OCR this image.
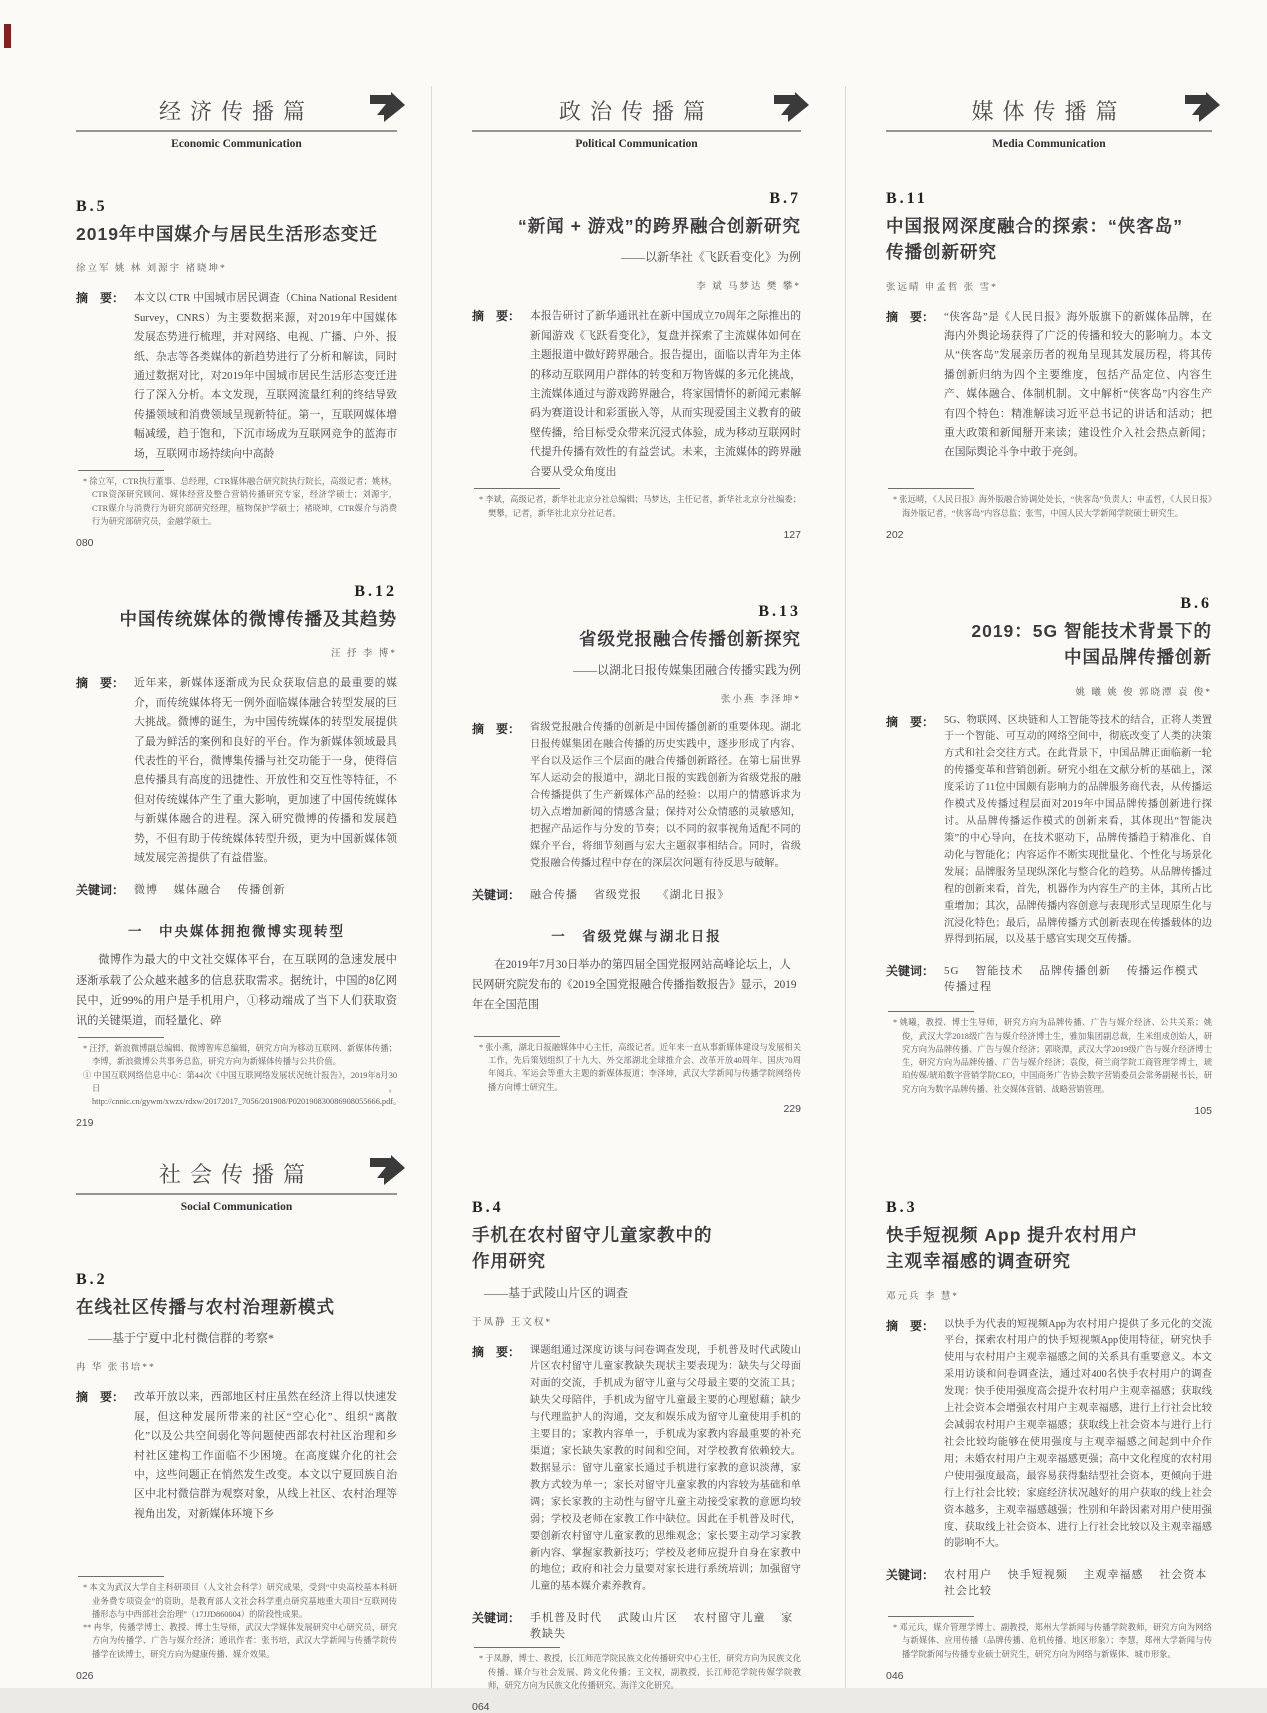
经济传播篇
Economic Communication
B.5
2019年中国媒介与居民生活形态变迁
徐立军 姚 林 刘源宇 褚晓坤*
摘　要： 本文以 CTR 中国城市居民调查（China National Resident Survey，CNRS）为主要数据来源，对2019年中国媒体发展态势进行梳理，并对网络、电视、广播、户外、报纸、杂志等各类媒体的新趋势进行了分析和解读，同时通过数据对比，对2019年中国城市居民生活形态变迁进行了深入分析。本文发现，互联网流量红利的终结导致传播领域和消费领域呈现新特征。第一，互联网媒体增幅减缓，趋于饱和，下沉市场成为互联网竞争的蓝海市场，互联网市场持续向中高龄
* 徐立军，CTR执行董事、总经理，CTR媒体融合研究院执行院长，高级记者；姚林，CTR资深研究顾问、媒体经营及整合营销传播研究专家，经济学硕士；刘源宇，CTR媒介与消费行为研究部研究经理，植物保护学硕士；褚晓坤，CTR媒介与消费行为研究部研究员，金融学硕士。
080
政治传播篇
Political Communication
B.7
“新闻 + 游戏”的跨界融合创新研究
——以新华社《飞跃看变化》为例
李 斌 马梦达 樊 攀*
摘　要： 本报告研讨了新华通讯社在新中国成立70周年之际推出的新闻游戏《飞跃看变化》，复盘并探索了主流媒体如何在主题报道中做好跨界融合。报告提出，面临以青年为主体的移动互联网用户群体的转变和万物皆媒的多元化挑战，主流媒体通过与游戏跨界融合，将家国情怀的新闻元素解码为赛道设计和彩蛋嵌入等，从而实现爱国主义教育的破壁传播，给目标受众带来沉浸式体验，成为移动互联网时代提升传播有效性的有益尝试。未来，主流媒体的跨界融合要从受众角度出
* 李斌，高级记者，新华社北京分社总编辑；马梦达，主任记者，新华社北京分社编委；樊攀，记者，新华社北京分社记者。
127
媒体传播篇
Media Communication
B.11
中国报网深度融合的探索：“侠客岛”
传播创新研究
张远晴 申孟哲 张 雪*
摘　要： “侠客岛”是《人民日报》海外版旗下的新媒体品牌，在海内外舆论场获得了广泛的传播和较大的影响力。本文从“侠客岛”发展亲历者的视角呈现其发展历程，将其传播创新归纳为四个主要维度，包括产品定位、内容生产、媒体融合、体制机制。文中解析“侠客岛”内容生产有四个特色：精准解读习近平总书记的讲话和活动；把重大政策和新闻掰开来读；建设性介入社会热点新闻；在国际舆论斗争中敢于亮剑。
* 张远晴，《人民日报》海外版融合协调处处长，“侠客岛”负责人；申孟哲，《人民日报》海外版记者，“侠客岛”内容总监；张雪，中国人民大学新闻学院硕士研究生。
202
B.12
中国传统媒体的微博传播及其趋势
汪 抒 李 博*
摘　要： 近年来，新媒体逐渐成为民众获取信息的最重要的媒介，而传统媒体将无一例外面临媒体融合转型发展的巨大挑战。微博的诞生，为中国传统媒体的转型发展提供了最为鲜活的案例和良好的平台。作为新媒体领域最具代表性的平台，微博集传播与社交功能于一身，使得信息传播具有高度的迅捷性、开放性和交互性等特征，不但对传统媒体产生了重大影响，更加速了中国传统媒体与新媒体融合的进程。深入研究微博的传播和发展趋势，不但有助于传统媒体转型升级，更为中国新媒体领域发展完善提供了有益借鉴。
关键词： 微博 媒体融合 传播创新
一　中央媒体拥抱微博实现转型
微博作为最大的中文社交媒体平台，在互联网的急速发展中逐渐承载了公众越来越多的信息获取需求。据统计，中国的8亿网民中，近99%的用户是手机用户，①移动端成了当下人们获取资讯的关键渠道，而轻量化、碎
* 汪抒，新浪微博副总编辑、微博智库总编辑，研究方向为移动互联网、新媒体传播；李博，新浪微博公共事务总监，研究方向为新媒体传播与公共价值。
① 中国互联网络信息中心：第44次《中国互联网络发展状况统计报告》，2019年8月30日，http://cnnic.cn/gywm/xwzx/rdxw/20172017_7056/201908/P020190830086908055666.pdf。
219
B.13
省级党报融合传播创新探究
——以湖北日报传媒集团融合传播实践为例
张小燕 李泽坤*
摘　要： 省级党报融合传播的创新是中国传播创新的重要体现。湖北日报传媒集团在融合传播的历史实践中，逐步形成了内容、平台以及运作三个层面的融合传播创新路径。在第七届世界军人运动会的报道中，湖北日报的实践创新为省级党报的融合传播提供了生产新媒体产品的经验：以用户的情感诉求为切入点增加新闻的情感含量；保持对公众情感的灵敏感知，把握产品运作与分发的节奏；以不同的叙事视角适配不同的媒介平台，将细节刻画与宏大主题叙事相结合。同时，省级党报融合传播过程中存在的深层次问题有待反思与破解。
关键词： 融合传播 省级党报 《湖北日报》
一　省级党媒与湖北日报
在2019年7月30日举办的第四届全国党报网站高峰论坛上，人民网研究院发布的《2019全国党报融合传播指数报告》显示，2019年在全国范围
* 张小燕，湖北日报融媒体中心主任，高级记者。近年来一直从事新媒体建设与发展相关工作，先后策划组织了十九大、外交部湖北全球推介会、改革开放40周年、国庆70周年阅兵、军运会等重大主题的新媒体报道；李泽坤，武汉大学新闻与传播学院网络传播方向博士研究生。
229
B.6
2019：5G 智能技术背景下的
中国品牌传播创新
姚 曦 姚 俊 郭晓潭 袁 俊*
摘　要： 5G、物联网、区块链和人工智能等技术的结合，正将人类置于一个智能、可互动的网络空间中，彻底改变了人类的决策方式和社会交往方式。在此背景下，中国品牌正面临新一轮的传播变革和营销创新。研究小组在文献分析的基础上，深度采访了11位中国颇有影响力的品牌服务商代表，从传播运作模式及传播过程层面对2019年中国品牌传播创新进行探讨。从品牌传播运作模式的创新来看，其体现出“智能决策”的中心导向，在技术驱动下，品牌传播趋于精准化、自动化与智能化；内容运作不断实现批量化、个性化与场景化发展；品牌服务呈现纵深化与整合化的趋势。从品牌传播过程的创新来看，首先，机器作为内容生产的主体，其所占比重增加；其次，品牌传播内容创意与表现形式呈现原生化与沉浸化特色；最后，品牌传播方式创新表现在传播载体的边界得到拓展，以及基于感官实现交互传播。
关键词： 5G 智能技术 品牌传播创新 传播运作模式 传播过程
* 姚曦，教授、博士生导师，研究方向为品牌传播、广告与媒介经济、公共关系；姚俊，武汉大学2018级广告与媒介经济博士生，雅加集团副总裁，生米组成创始人，研究方向为品牌传播、广告与媒介经济；郭晓潭，武汉大学2019级广告与媒介经济博士生，研究方向为品牌传播、广告与媒介经济；袁俊，荷兰商学院工商管理学博士，琥珀传媒/琥珀数字营销学院CEO，中国商务广告协会数字营销委员会常务副秘书长，研究方向为数字品牌传播、社交媒体营销、战略营销管理。
105
社会传播篇
Social Communication
B.2
在线社区传播与农村治理新模式
——基于宁夏中北村微信群的考察*
冉 华 张书培**
摘　要： 改革开放以来，西部地区村庄虽然在经济上得以快速发展，但这种发展所带来的社区“空心化”、组织“离散化”以及公共空间弱化等问题使西部农村社区治理和乡村社区建构工作面临不少困境。在高度媒介化的社会中，这些问题正在悄然发生改变。本文以宁夏回族自治区中北村微信群为观察对象，从线上社区、农村治理等视角出发，对新媒体环境下乡
* 本文为武汉大学自主科研项目（人文社会科学）研究成果，受到“中央高校基本科研业务费专项资金”的资助，是教育部人文社会科学重点研究基地重大项目“互联网传播形态与中西部社会治理”（17JJD860004）的阶段性成果。
** 冉华，传播学博士、教授、博士生导师，武汉大学媒体发展研究中心研究员，研究方向为传播学、广告与媒介经济；通讯作者：张书培，武汉大学新闻与传播学院传播学在读博士，研究方向为健康传播、媒介效果。
026
B.4
手机在农村留守儿童家教中的
作用研究
——基于武陵山片区的调查
于凤静 王文权*
摘　要： 课题组通过深度访谈与问卷调查发现，手机普及时代武陵山片区农村留守儿童家教缺失现状主要表现为：缺失与父母面对面的交流，手机成为留守儿童与父母最主要的交流工具；缺失父母陪伴，手机成为留守儿童最主要的心理慰藉；缺少与代理监护人的沟通，交友和娱乐成为留守儿童使用手机的主要目的；家教内容单一，手机成为家教内容最重要的补充渠道；家长缺失家教的时间和空间，对学校教育依赖较大。数据显示：留守儿童家长通过手机进行家教的意识淡薄，家教方式较为单一；家长对留守儿童家教的内容较为基础和单调；家长家教的主动性与留守儿童主动接受家教的意愿均较弱；学校及老师在家教工作中缺位。因此在手机普及时代，要创新农村留守儿童家教的思维观念；家长要主动学习家教新内容、掌握家教新技巧；学校及老师应提升自身在家教中的地位；政府和社会力量要对家长进行系统培训；加强留守儿童的基本媒介素养教育。
关键词： 手机普及时代 武陵山片区 农村留守儿童 家教缺失
* 于凤静，博士、教授，长江师范学院民族文化传播研究中心主任，研究方向为民族文化传播、媒介与社会发展、跨文化传播；王文权，副教授，长江师范学院传媒学院教师，研究方向为民族文化传播研究、海洋文化研究。
064
B.3
快手短视频 App 提升农村用户
主观幸福感的调查研究
邓元兵 李 慧*
摘　要： 以快手为代表的短视频App为农村用户提供了多元化的交流平台，探索农村用户的快手短视频App使用特征，研究快手使用与农村用户主观幸福感之间的关系具有重要意义。本文采用访谈和问卷调查法，通过对400名快手农村用户的调查发现：快手使用强度高会提升农村用户主观幸福感；获取线上社会资本会增强农村用户主观幸福感，进行上行社会比较会减弱农村用户主观幸福感；获取线上社会资本与进行上行社会比较均能够在使用强度与主观幸福感之间起到中介作用；未婚农村用户主观幸福感更强；高中文化程度的农村用户使用强度最高，最容易获得黏结型社会资本，更倾向于进行上行社会比较；家庭经济状况越好的用户获取的线上社会资本越多，主观幸福感越强；性别和年龄因素对用户使用强度、获取线上社会资本、进行上行社会比较以及主观幸福感的影响不大。
关键词： 农村用户 快手短视频 主观幸福感 社会资本 社会比较
* 邓元兵，媒介管理学博士、副教授，郑州大学新闻与传播学院教师，研究方向为网络与新媒体、应用传播（品牌传播、危机传播、地区形象）；李慧，郑州大学新闻与传播学院新闻与传播专业硕士研究生，研究方向为网络与新媒体、城市形象。
046
